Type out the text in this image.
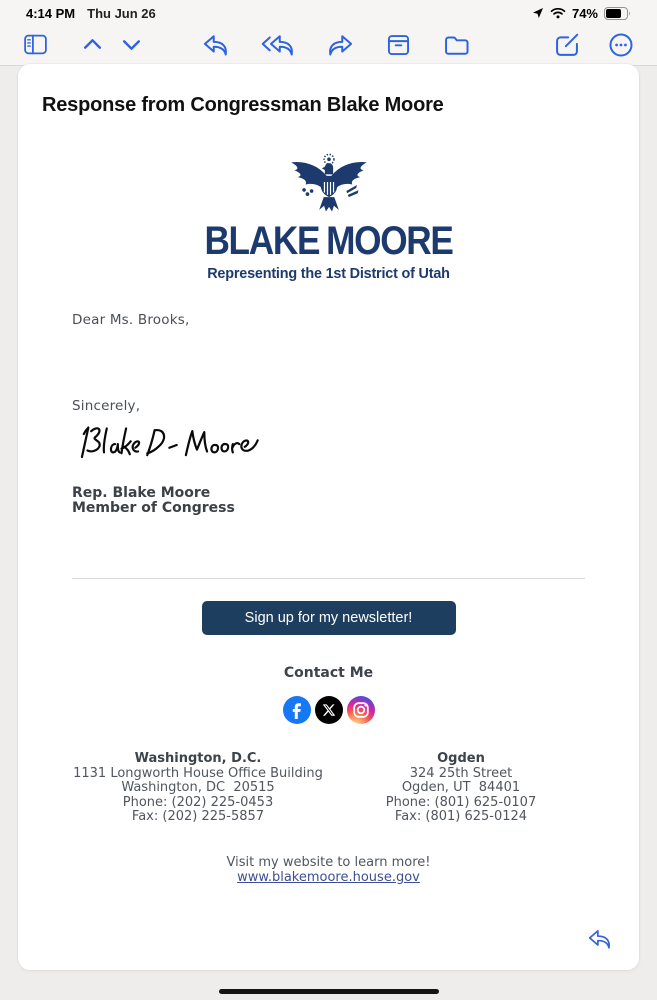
4:14 PM Thu Jun 26	74%
Response from Congressman Blake Moore
BLAKE MOORE
Representing the 1st District of Utah

Dear Ms. Brooks,

Sincerely,

Rep. Blake Moore
Member of Congress

Sign up for my newsletter!
Contact Me
Washington, D.C.
1131 Longworth House Office Building
Washington, DC  20515
Phone: (202) 225-0453
Fax: (202) 225-5857
Ogden
324 25th Street
Ogden, UT  84401
Phone: (801) 625-0107
Fax: (801) 625-0124
Visit my website to learn more!
www.blakemoore.house.gov
